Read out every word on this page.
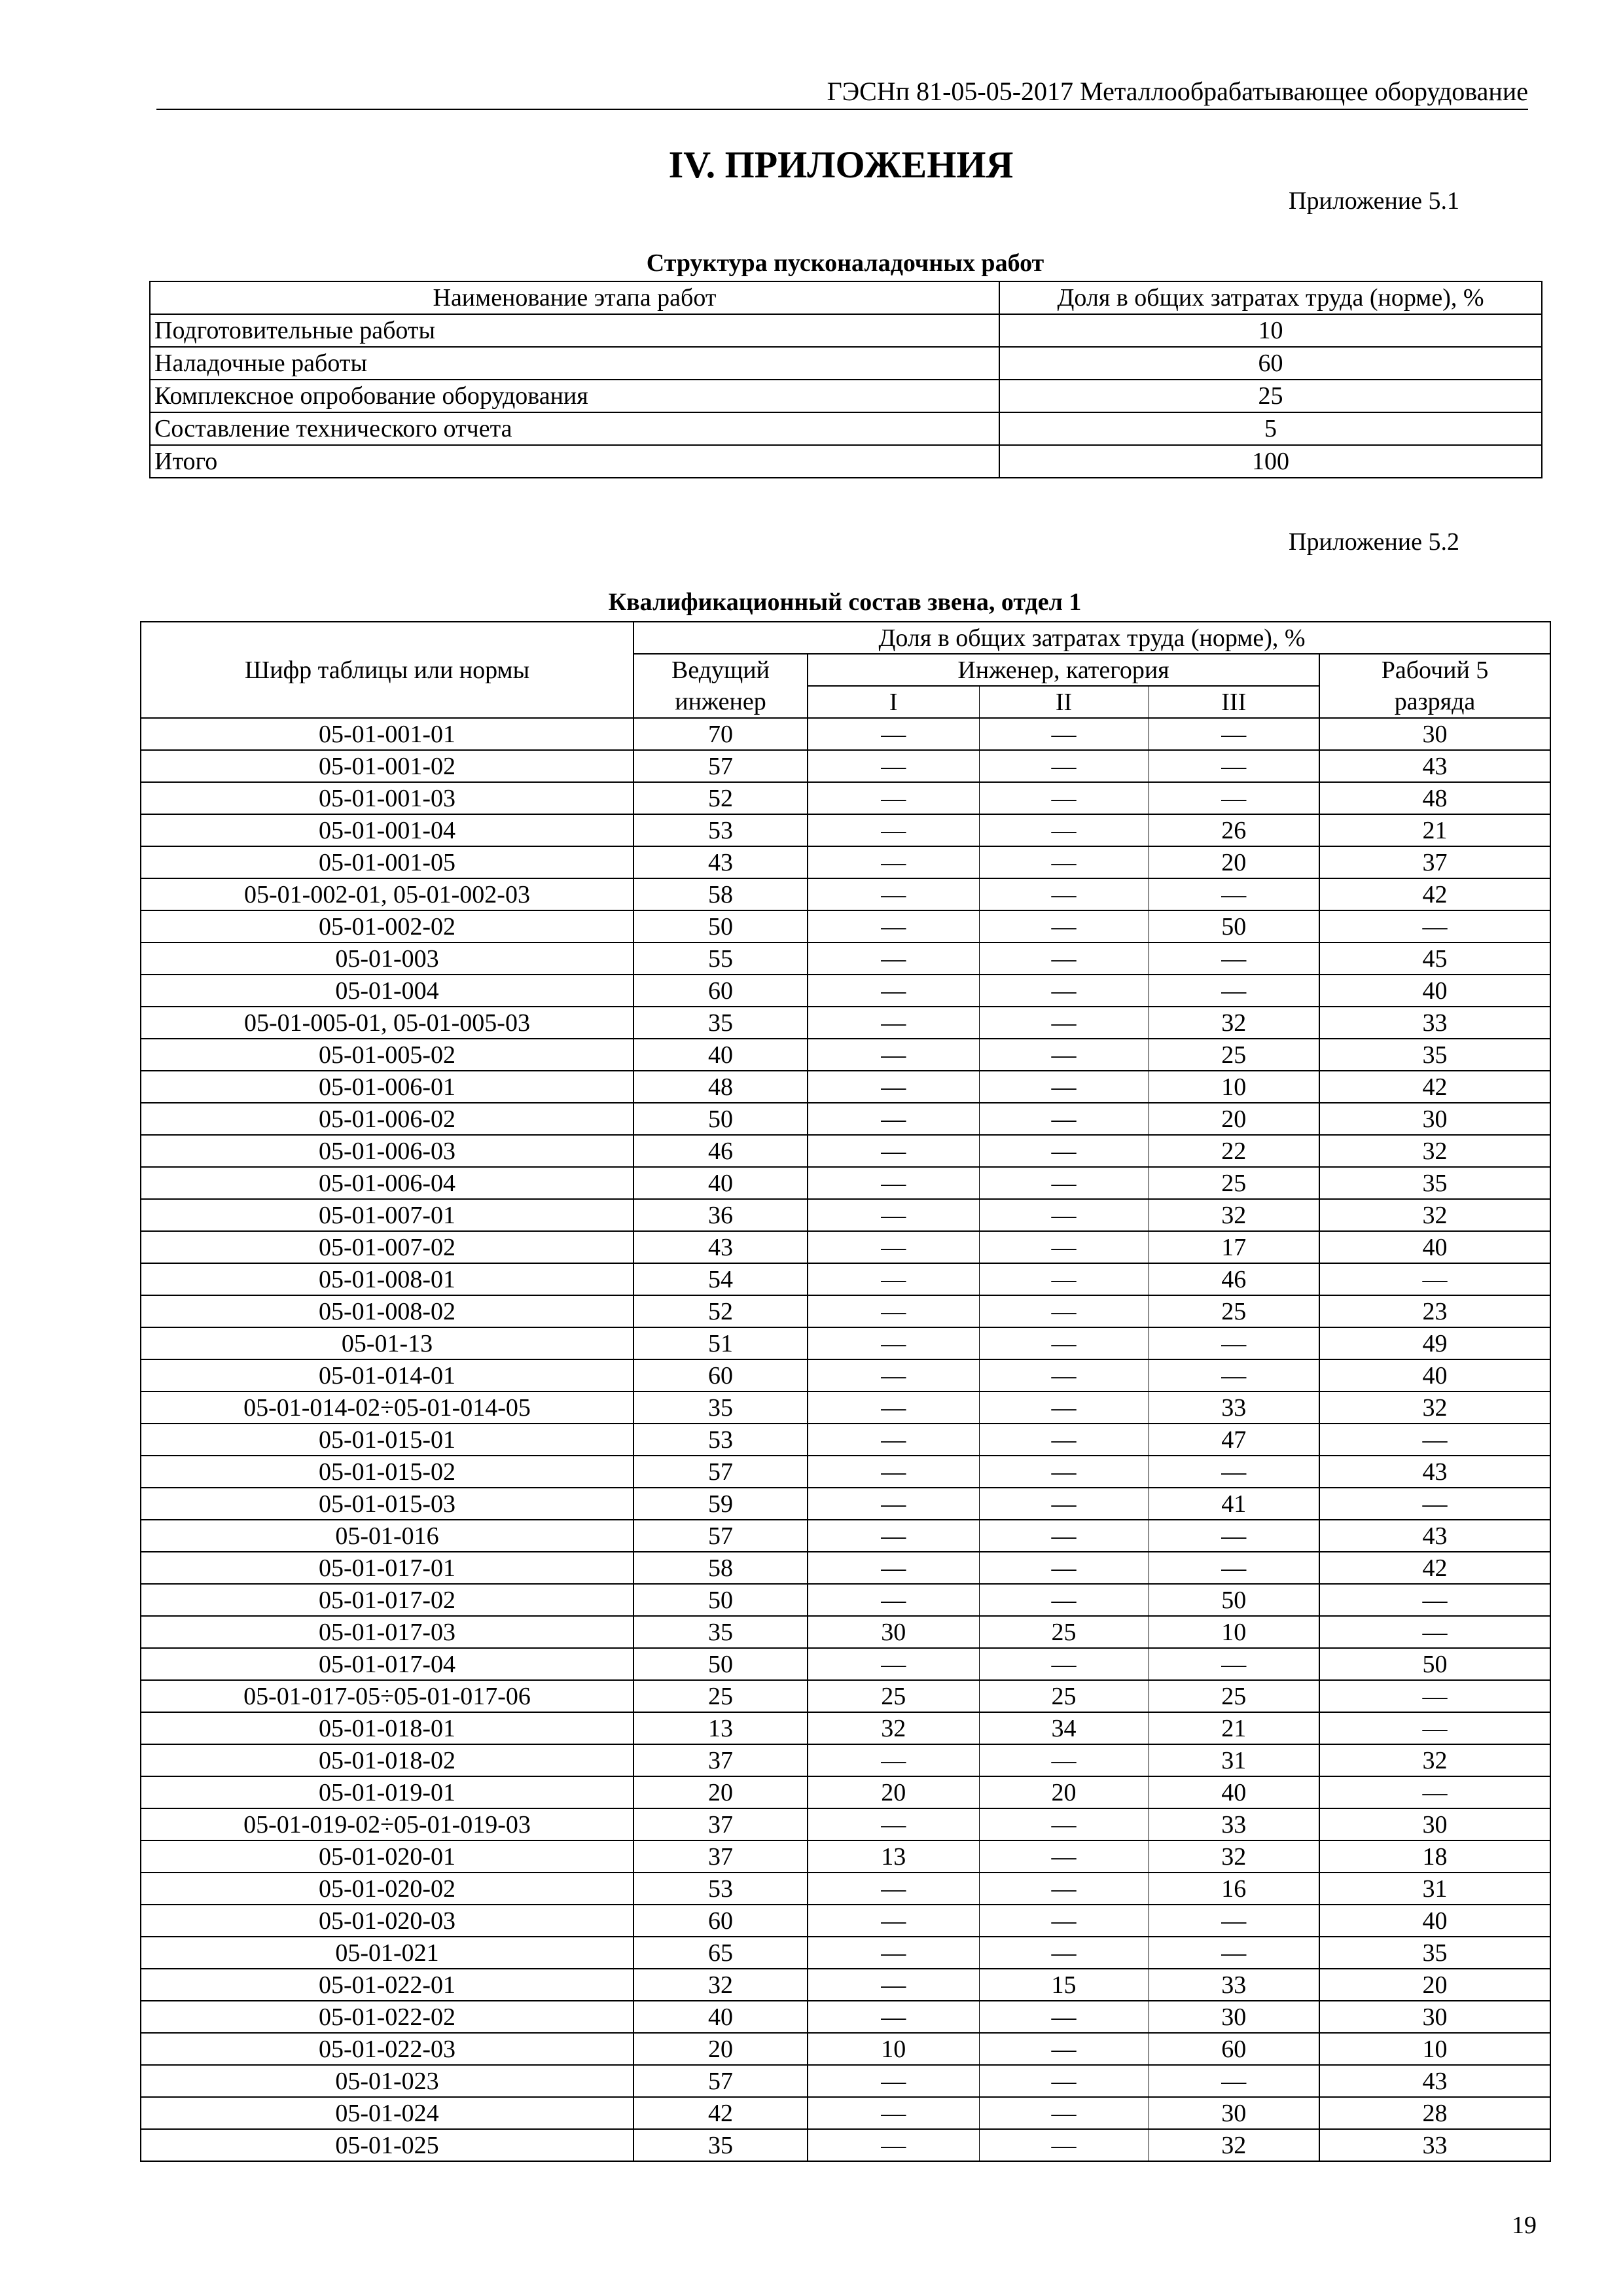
ГЭСНп 81-05-05-2017 Металлообрабатывающее оборудование
IV. ПРИЛОЖЕНИЯ
Приложение 5.1
Структура пусконаладочных работ
Наименование этапа работ	Доля в общих затратах труда (норме), %
Подготовительные работы	10
Наладочные работы	60
Комплексное опробование оборудования	25
Составление технического отчета	5
Итого	100
Приложение 5.2
Квалификационный состав звена, отдел 1
Шифр таблицы или нормы	Доля в общих затратах труда (норме), %				
	Ведущий	Инженер, категория			Рабочий 5
	инженер	I	II	III	разряда
05-01-001-01	70	—	—	—	30
05-01-001-02	57	—	—	—	43
05-01-001-03	52	—	—	—	48
05-01-001-04	53	—	—	26	21
05-01-001-05	43	—	—	20	37
05-01-002-01, 05-01-002-03	58	—	—	—	42
05-01-002-02	50	—	—	50	—
05-01-003	55	—	—	—	45
05-01-004	60	—	—	—	40
05-01-005-01, 05-01-005-03	35	—	—	32	33
05-01-005-02	40	—	—	25	35
05-01-006-01	48	—	—	10	42
05-01-006-02	50	—	—	20	30
05-01-006-03	46	—	—	22	32
05-01-006-04	40	—	—	25	35
05-01-007-01	36	—	—	32	32
05-01-007-02	43	—	—	17	40
05-01-008-01	54	—	—	46	—
05-01-008-02	52	—	—	25	23
05-01-13	51	—	—	—	49
05-01-014-01	60	—	—	—	40
05-01-014-02÷05-01-014-05	35	—	—	33	32
05-01-015-01	53	—	—	47	—
05-01-015-02	57	—	—	—	43
05-01-015-03	59	—	—	41	—
05-01-016	57	—	—	—	43
05-01-017-01	58	—	—	—	42
05-01-017-02	50	—	—	50	—
05-01-017-03	35	30	25	10	—
05-01-017-04	50	—	—	—	50
05-01-017-05÷05-01-017-06	25	25	25	25	—
05-01-018-01	13	32	34	21	—
05-01-018-02	37	—	—	31	32
05-01-019-01	20	20	20	40	—
05-01-019-02÷05-01-019-03	37	—	—	33	30
05-01-020-01	37	13	—	32	18
05-01-020-02	53	—	—	16	31
05-01-020-03	60	—	—	—	40
05-01-021	65	—	—	—	35
05-01-022-01	32	—	15	33	20
05-01-022-02	40	—	—	30	30
05-01-022-03	20	10	—	60	10
05-01-023	57	—	—	—	43
05-01-024	42	—	—	30	28
05-01-025	35	—	—	32	33
19
